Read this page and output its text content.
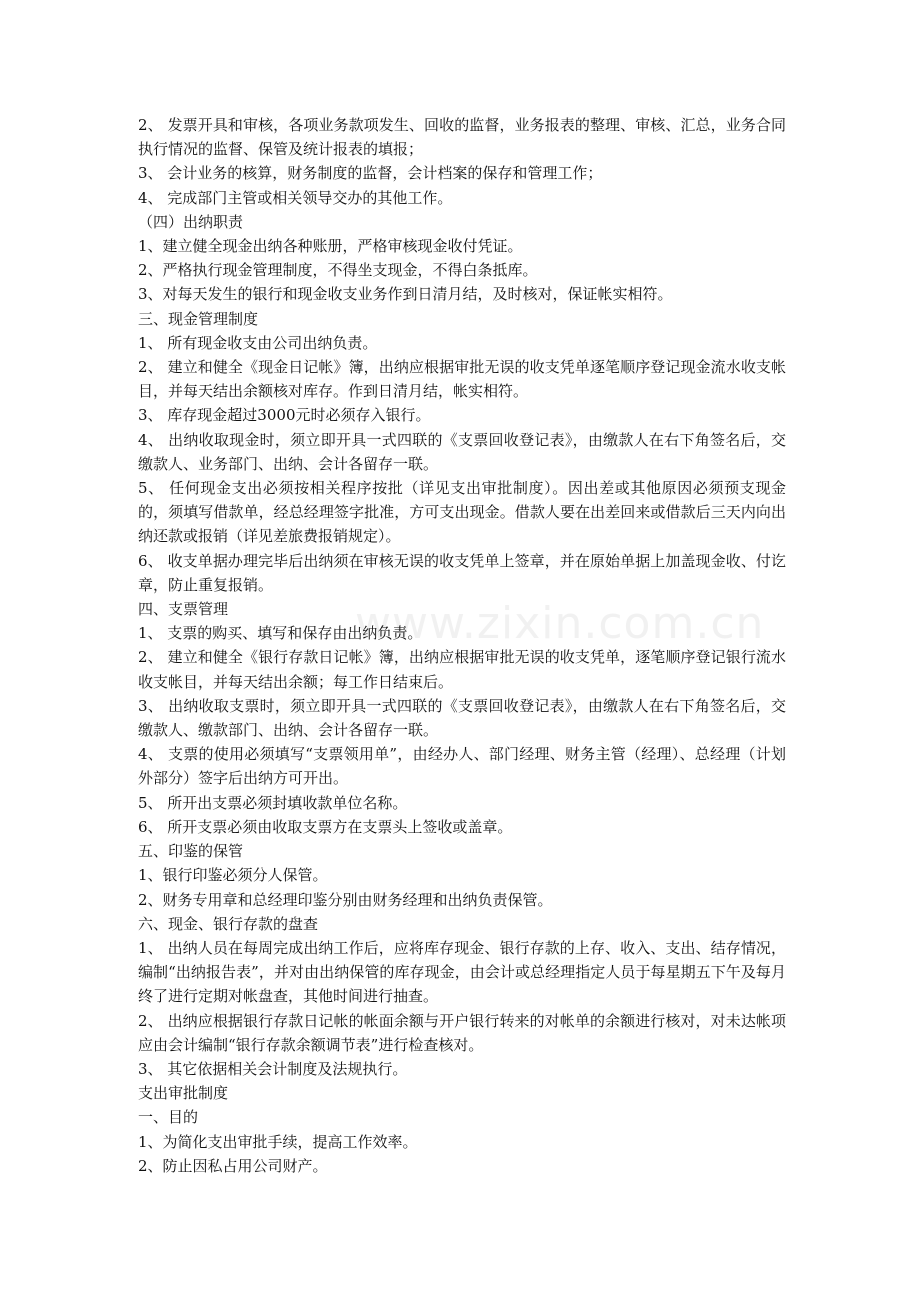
www.zixin.com.cn

2、 发票开具和审核，各项业务款项发生、回收的监督，业务报表的整理、审核、汇总，业务合同执行情况的监督、保管及统计报表的填报；

3、 会计业务的核算，财务制度的监督，会计档案的保存和管理工作；

4、 完成部门主管或相关领导交办的其他工作。

（四）出纳职责

1、建立健全现金出纳各种账册，严格审核现金收付凭证。

2、严格执行现金管理制度，不得坐支现金，不得白条抵库。

3、对每天发生的银行和现金收支业务作到日清月结，及时核对，保证帐实相符。

三、现金管理制度

1、 所有现金收支由公司出纳负责。

2、 建立和健全《现金日记帐》簿，出纳应根据审批无误的收支凭单逐笔顺序登记现金流水收支帐目，并每天结出余额核对库存。作到日清月结，帐实相符。

3、 库存现金超过3000元时必须存入银行。

4、 出纳收取现金时，须立即开具一式四联的《支票回收登记表》，由缴款人在右下角签名后，交缴款人、业务部门、出纳、会计各留存一联。

5、 任何现金支出必须按相关程序按批（详见支出审批制度）。因出差或其他原因必须预支现金的，须填写借款单，经总经理签字批准，方可支出现金。借款人要在出差回来或借款后三天内向出纳还款或报销（详见差旅费报销规定）。

6、 收支单据办理完毕后出纳须在审核无误的收支凭单上签章，并在原始单据上加盖现金收、付讫章，防止重复报销。

四、支票管理

1、 支票的购买、填写和保存由出纳负责。

2、 建立和健全《银行存款日记帐》簿，出纳应根据审批无误的收支凭单，逐笔顺序登记银行流水收支帐目，并每天结出余额；每工作日结束后。

3、 出纳收取支票时，须立即开具一式四联的《支票回收登记表》，由缴款人在右下角签名后，交缴款人、缴款部门、出纳、会计各留存一联。

4、 支票的使用必须填写“支票领用单”，由经办人、部门经理、财务主管（经理）、总经理（计划外部分）签字后出纳方可开出。

5、 所开出支票必须封填收款单位名称。

6、 所开支票必须由收取支票方在支票头上签收或盖章。

五、印鉴的保管

1、银行印鉴必须分人保管。

2、财务专用章和总经理印鉴分别由财务经理和出纳负责保管。

六、现金、银行存款的盘查

1、 出纳人员在每周完成出纳工作后，应将库存现金、银行存款的上存、收入、支出、结存情况，编制“出纳报告表”，并对由出纳保管的库存现金，由会计或总经理指定人员于每星期五下午及每月终了进行定期对帐盘查，其他时间进行抽查。

2、 出纳应根据银行存款日记帐的帐面余额与开户银行转来的对帐单的余额进行核对，对未达帐项应由会计编制“银行存款余额调节表”进行检查核对。

3、 其它依据相关会计制度及法规执行。

支出审批制度

一、目的

1、为简化支出审批手续，提高工作效率。

2、防止因私占用公司财产。
